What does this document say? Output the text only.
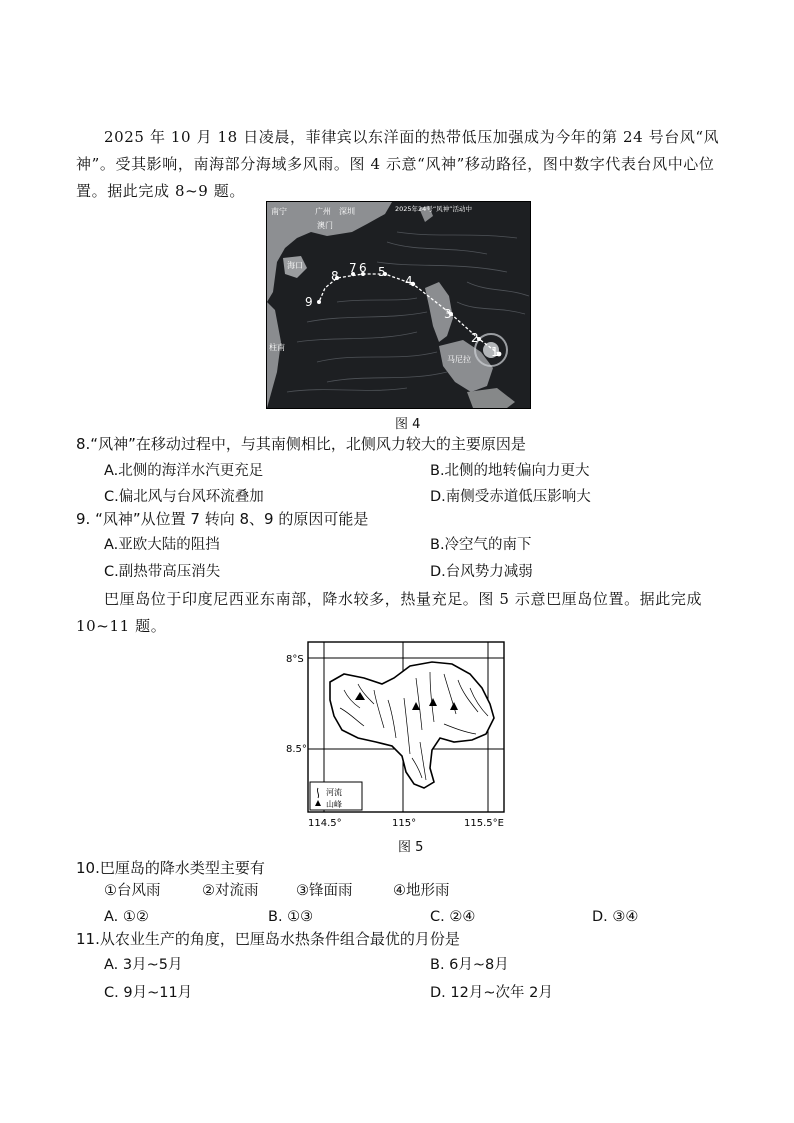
2025 年 10 月 18 日凌晨，菲律宾以东洋面的热带低压加强成为今年的第 24 号台风“风神”。受其影响，南海部分海域多风雨。图 4 示意“风神”移动路径，图中数字代表台风中心位置。据此完成 8~9 题。

1
2
3
4
5
6
7
8
9
南宁	广州 深圳
澳门
海口
马尼拉
柱南
2025年24号“风神”活动中
图 4

8.“风神”在移动过程中，与其南侧相比，北侧风力较大的主要原因是

A.北侧的海洋水汽更充足	B.北侧的地转偏向力更大
C.偏北风与台风环流叠加	D.南侧受赤道低压影响大

9. “风神”从位置 7 转向 8、9 的原因可能是

A.亚欧大陆的阻挡	B.冷空气的南下
C.副热带高压消失	D.台风势力减弱

巴厘岛位于印度尼西亚东南部，降水较多，热量充足。图 5 示意巴厘岛位置。据此完成 10~11 题。

河流
山峰
8°S
8.5°
114.5°	115°	115.5°E
图 5

10.巴厘岛的降水类型主要有

①台风雨	②对流雨	③锋面雨	④地形雨
A. ①②	B. ①③	C. ②④	D. ③④

11.从农业生产的角度，巴厘岛水热条件组合最优的月份是

A. 3月~5月	B. 6月~8月
C. 9月~11月	D. 12月~次年 2月
